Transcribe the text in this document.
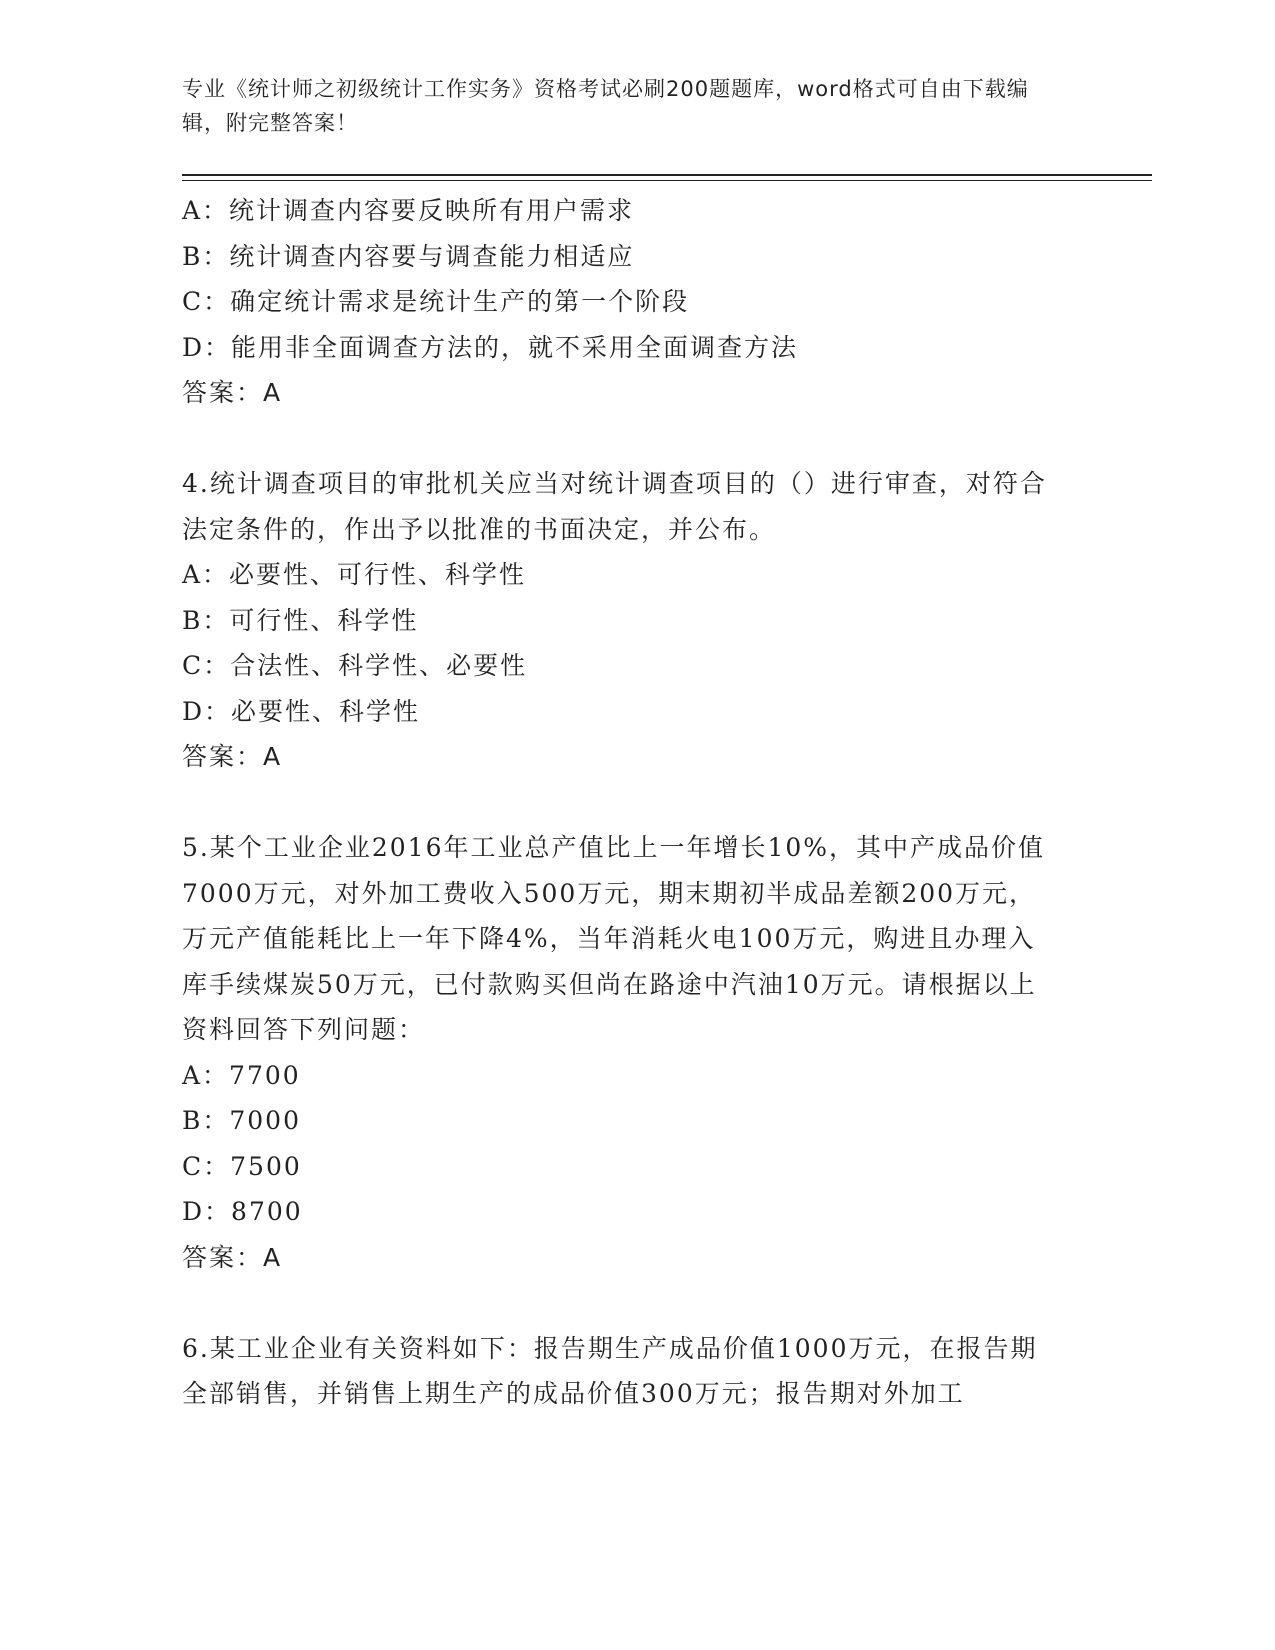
专业《统计师之初级统计工作实务》资格考试必刷200题题库，word格式可自由下载编辑，附完整答案！
A：统计调查内容要反映所有用户需求
B：统计调查内容要与调查能力相适应
C：确定统计需求是统计生产的第一个阶段
D：能用非全面调查方法的，就不采用全面调查方法
答案：A
4.统计调查项目的审批机关应当对统计调查项目的（）进行审查，对符合法定条件的，作出予以批准的书面决定，并公布。
A：必要性、可行性、科学性
B：可行性、科学性
C：合法性、科学性、必要性
D：必要性、科学性
答案：A
5.某个工业企业2016年工业总产值比上一年增长10%，其中产成品价值7000万元，对外加工费收入500万元，期末期初半成品差额200万元，万元产值能耗比上一年下降4%，当年消耗火电100万元，购进且办理入库手续煤炭50万元，已付款购买但尚在路途中汽油10万元。请根据以上资料回答下列问题：
A：7700
B：7000
C：7500
D：8700
答案：A
6.某工业企业有关资料如下：报告期生产成品价值1000万元，在报告期全部销售，并销售上期生产的成品价值300万元；报告期对外加工
